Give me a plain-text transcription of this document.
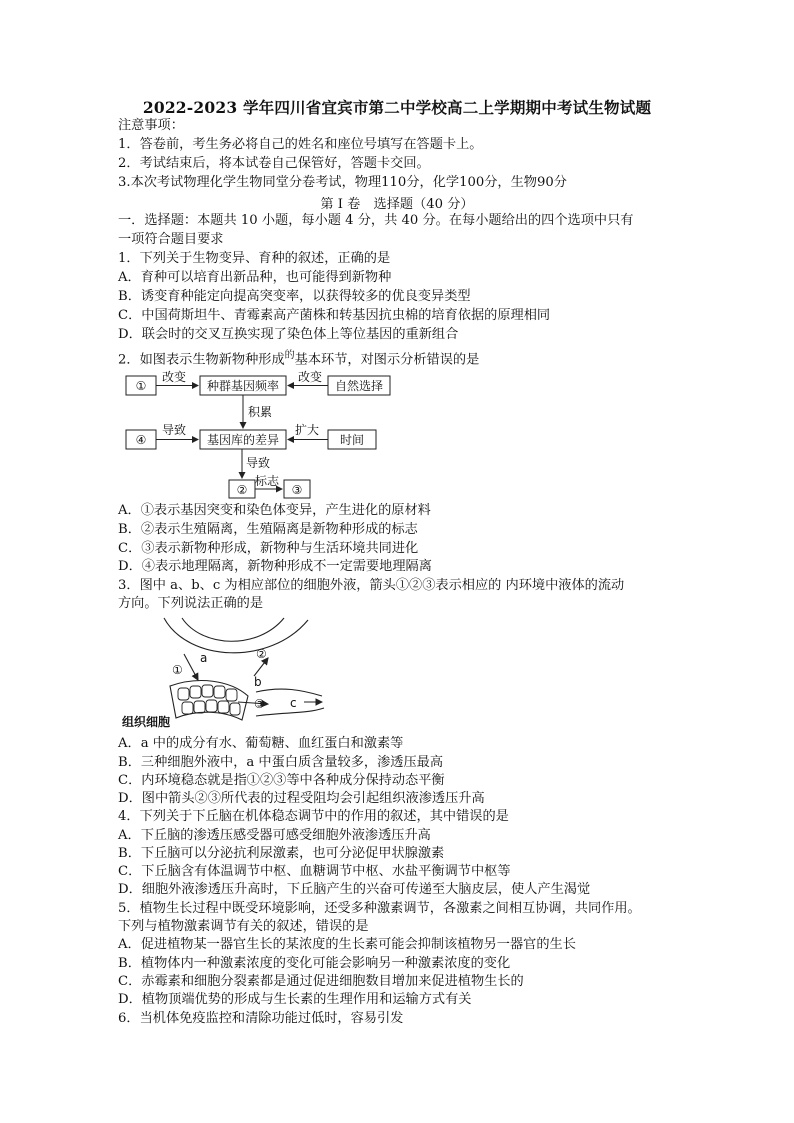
2022-2023 学年四川省宜宾市第二中学校高二上学期期中考试生物试题
注意事项：
1．答卷前，考生务必将自己的姓名和座位号填写在答题卡上。
2．考试结束后，将本试卷自己保管好，答题卡交回。
3.本次考试物理化学生物同堂分卷考试，物理110分，化学100分，生物90分
第 I 卷　选择题（40 分）
一．选择题：本题共 10 小题，每小题 4 分，共 40 分。在每小题给出的四个选项中只有
一项符合题目要求
1．下列关于生物变异、育种的叙述，正确的是
A．育种可以培育出新品种，也可能得到新物种
B．诱变育种能定向提高突变率，以获得较多的优良变异类型
C．中国荷斯坦牛、青霉素高产菌株和转基因抗虫棉的培育依据的原理相同
D．联会时的交叉互换实现了染色体上等位基因的重新组合
2．如图表示生物新物种形成$^的$基本环节，对图示分析错误的是
①	种群基因频率	自然选择
④	基因库的差异	时间
②	③
改变	改变
积累
导致	扩大
导致
标志
A．①表示基因突变和染色体变异，产生进化的原材料
B．②表示生殖隔离，生殖隔离是新物种形成的标志
C．③表示新物种形成，新物种与生活环境共同进化
D．④表示地理隔离，新物种形成不一定需要地理隔离
3．图中 a、b、c 为相应部位的细胞外液，箭头①②③表示相应的 内环境中液体的流动
方向。下列说法正确的是
a
b
c
①
②
③
组织细胞
A．a 中的成分有水、葡萄糖、血红蛋白和激素等
B．三种细胞外液中，a 中蛋白质含量较多，渗透压最高
C．内环境稳态就是指①②③等中各种成分保持动态平衡
D．图中箭头②③所代表的过程受阻均会引起组织液渗透压升高
4．下列关于下丘脑在机体稳态调节中的作用的叙述，其中错误的是
A．下丘脑的渗透压感受器可感受细胞外液渗透压升高
B．下丘脑可以分泌抗利尿激素，也可分泌促甲状腺激素
C．下丘脑含有体温调节中枢、血糖调节中枢、水盐平衡调节中枢等
D．细胞外液渗透压升高时，下丘脑产生的兴奋可传递至大脑皮层，使人产生渴觉
5．植物生长过程中既受环境影响，还受多种激素调节，各激素之间相互协调，共同作用。
下列与植物激素调节有关的叙述，错误的是
A．促进植物某一器官生长的某浓度的生长素可能会抑制该植物另一器官的生长
B．植物体内一种激素浓度的变化可能会影响另一种激素浓度的变化
C．赤霉素和细胞分裂素都是通过促进细胞数目增加来促进植物生长的
D．植物顶端优势的形成与生长素的生理作用和运输方式有关
6．当机体免疫监控和清除功能过低时，容易引发
